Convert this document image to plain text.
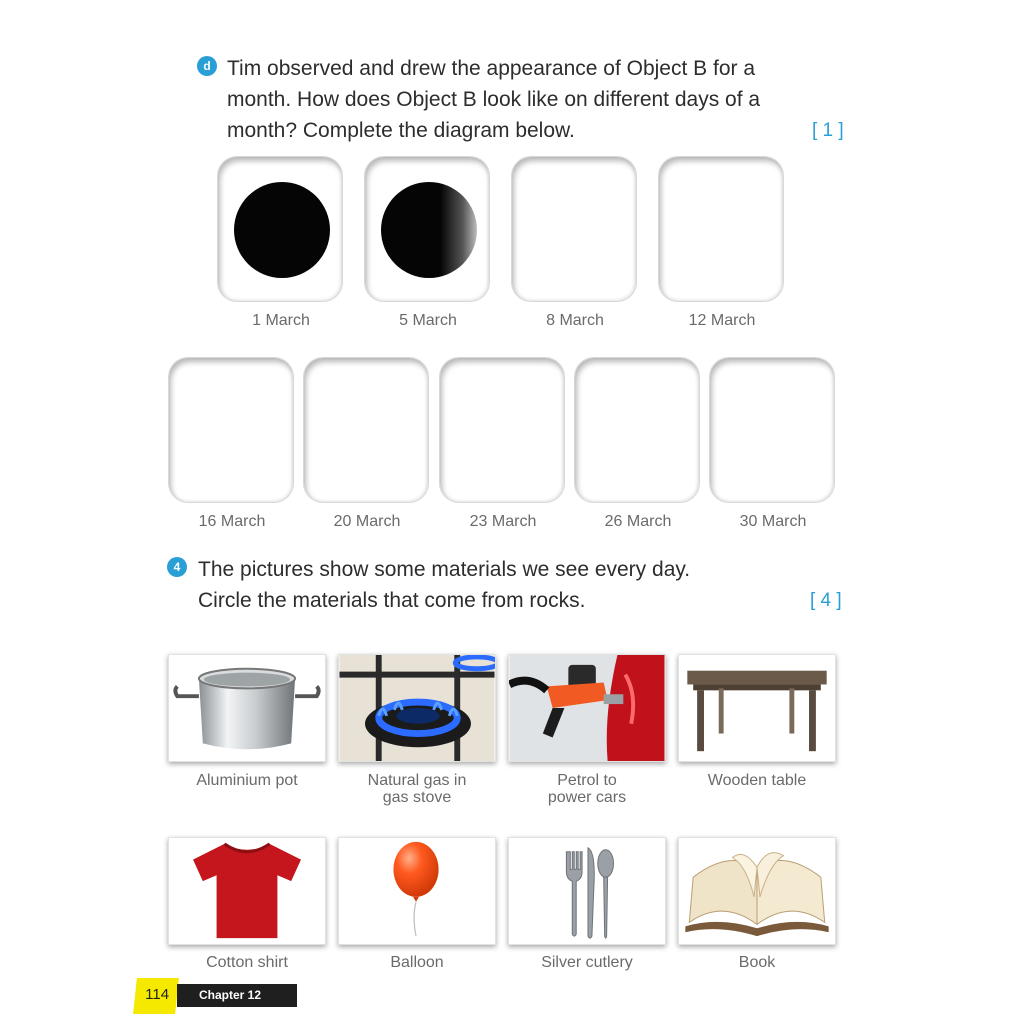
d Tim observed and drew the appearance of Object B for a
month. How does Object B look like on different days of a
month? Complete the diagram below.	[ 1 ]
1 March	5 March	8 March	12 March
16 March	20 March	23 March	26 March	30 March
4 The pictures show some materials we see every day.
Circle the materials that come from rocks.	[ 4 ]
Aluminium pot	Natural gas in
gas stove
Petrol to
power cars
Wooden table
Cotton shirt	Balloon	Silver cutlery	Book
114 Chapter 12
